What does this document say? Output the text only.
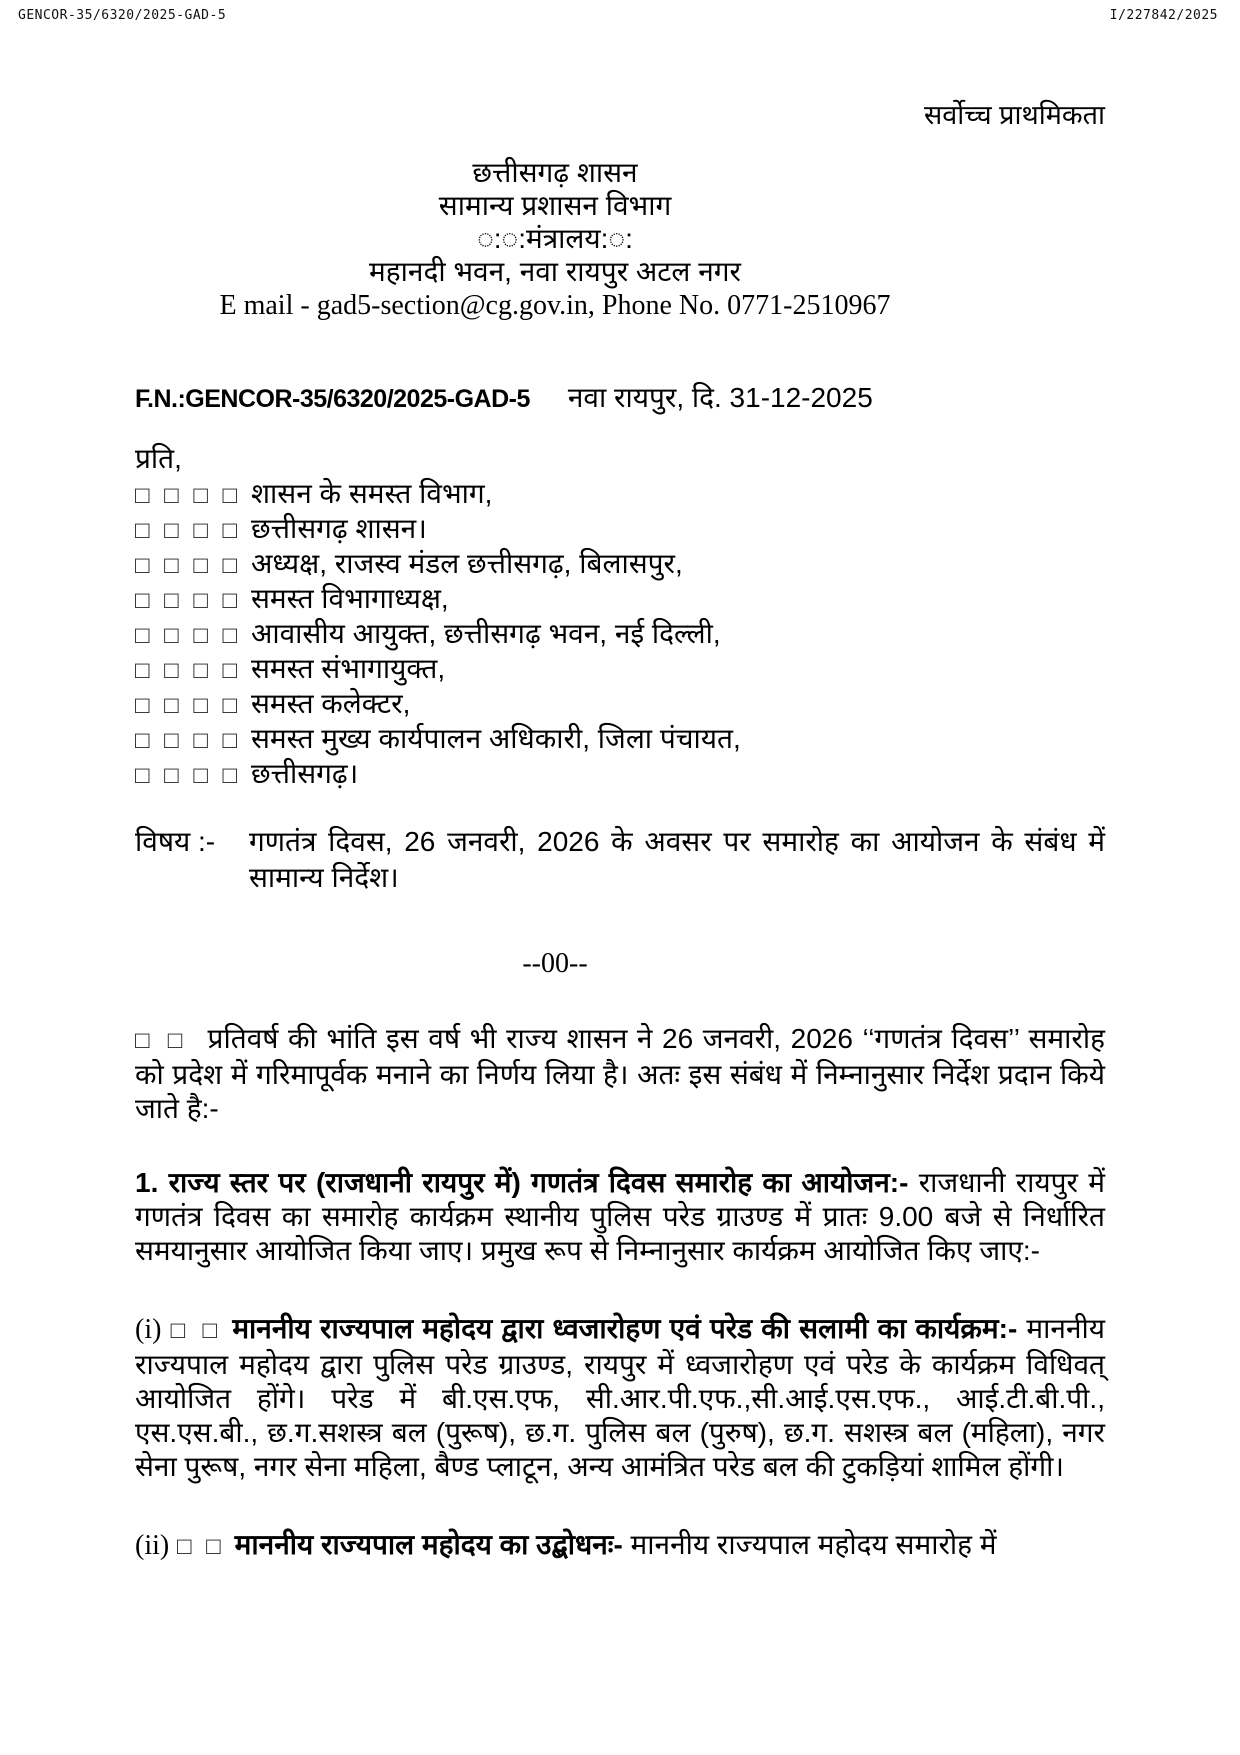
GENCOR-35/6320/2025-GAD-5	I/227842/2025
सर्वोच्च प्राथमिकता
छत्तीसगढ़ शासन
सामान्य प्रशासन विभाग
◌:◌:मंत्रालय:◌:
महानदी भवन, नवा रायपुर अटल नगर
E mail - gad5-section@cg.gov.in, Phone No. 0771-2510967
F.N.:GENCOR-35/6320/2025-GAD-5 नवा रायपुर, दि. 31-12-2025
प्रति,
□ □ □ □ शासन के समस्त विभाग,
□ □ □ □ छत्तीसगढ़ शासन।
□ □ □ □ अध्यक्ष, राजस्व मंडल छत्तीसगढ़, बिलासपुर,
□ □ □ □ समस्त विभागाध्यक्ष,
□ □ □ □ आवासीय आयुक्त, छत्तीसगढ़ भवन, नई दिल्ली,
□ □ □ □ समस्त संभागायुक्त,
□ □ □ □ समस्त कलेक्टर,
□ □ □ □ समस्त मुख्य कार्यपालन अधिकारी, जिला पंचायत,
□ □ □ □ छत्तीसगढ़।
विषय :-	गणतंत्र दिवस, 26 जनवरी, 2026 के अवसर पर समारोह का आयोजन के संबंध में सामान्य निर्देश।
--00--

□ □ प्रतिवर्ष की भांति इस वर्ष भी राज्य शासन ने 26 जनवरी, 2026 ‘‘गणतंत्र दिवस’’ समारोह को प्रदेश में गरिमापूर्वक मनाने का निर्णय लिया है। अतः इस संबंध में निम्नानुसार निर्देश प्रदान किये जाते है:-

1. राज्य स्तर पर (राजधानी रायपुर में) गणतंत्र दिवस समारोह का आयोजन:- राजधानी रायपुर में गणतंत्र दिवस का समारोह कार्यक्रम स्थानीय पुलिस परेड ग्राउण्ड में प्रातः 9.00 बजे से निर्धारित समयानुसार आयोजित किया जाए। प्रमुख रूप से निम्नानुसार कार्यक्रम आयोजित किए जाए:-

(i) □ □ माननीय राज्यपाल महोदय द्वारा ध्वजारोहण एवं परेड की सलामी का कार्यक्रम:- माननीय राज्यपाल महोदय द्वारा पुलिस परेड ग्राउण्ड, रायपुर में ध्वजारोहण एवं परेड के कार्यक्रम विधिवत् आयोजित होंगे। परेड में बी.एस.एफ, सी.आर.पी.एफ.,सी.आई.एस.एफ., आई.टी.बी.पी., एस.एस.बी., छ.ग.सशस्त्र बल (पुरूष), छ.ग. पुलिस बल (पुरुष), छ.ग. सशस्त्र बल (महिला), नगर सेना पुरूष, नगर सेना महिला, बैण्ड प्लाटून, अन्य आमंत्रित परेड बल की टुकड़ियां शामिल होंगी।

(ii) □ □ माननीय राज्यपाल महोदय का उद्बोधनः- माननीय राज्यपाल महोदय समारोह में
